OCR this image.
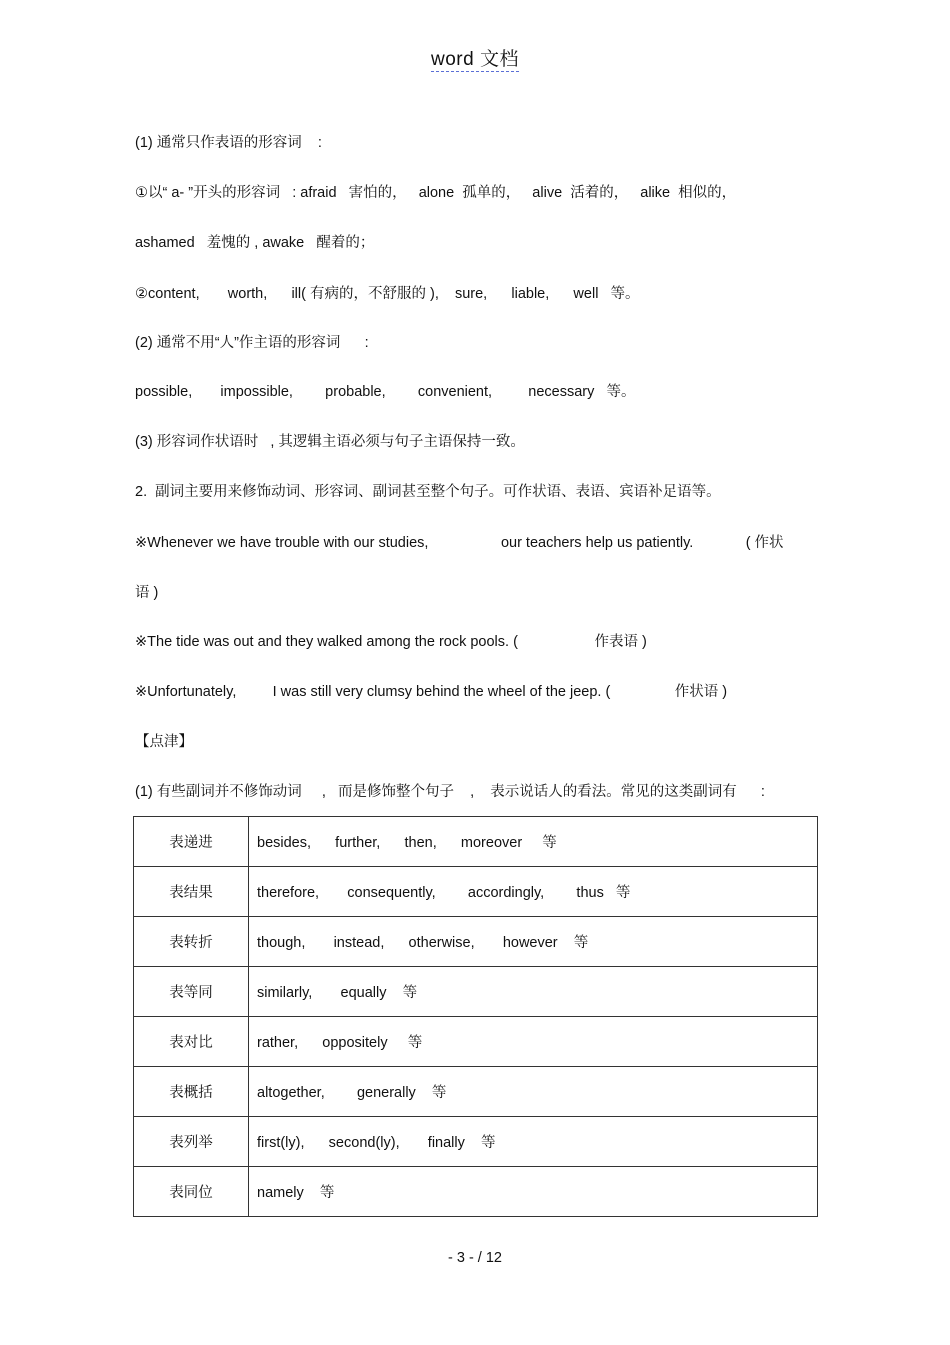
word 文档
(1) 通常只作表语的形容词    :
①以“ a- ”开头的形容词   : afraid   害怕的，   alone  孤单的，   alive  活着的，   alike  相似的，
ashamed   羞愧的 , awake   醒着的；
②content,       worth,      ill( 有病的，不舒服的 ),    sure,      liable,      well   等。
(2) 通常不用“人”作主语的形容词      :
possible,       impossible,        probable,        convenient,         necessary   等。
(3) 形容词作状语时   , 其逻辑主语必须与句子主语保持一致。
2.  副词主要用来修饰动词、形容词、副词甚至整个句子。可作状语、表语、宾语补足语等。
※Whenever we have trouble with our studies,                  our teachers help us patiently.             ( 作状
语 )
※The tide was out and they walked among the rock pools. (                   作表语 )
※Unfortunately,         I was still very clumsy behind the wheel of the jeep. (                作状语 )
【点津】
(1) 有些副词并不修饰动词     ,   而是修饰整个句子    ,    表示说话人的看法。常见的这类副词有      :
表递进	besides,      further,      then,      moreover     等
表结果	therefore,       consequently,        accordingly,        thus   等
表转折	though,       instead,      otherwise,       however    等
表等同	similarly,       equally    等
表对比	rather,      oppositely     等
表概括	altogether,        generally    等
表列举	first(ly),      second(ly),       finally    等
表同位	namely    等
- 3 - / 12
